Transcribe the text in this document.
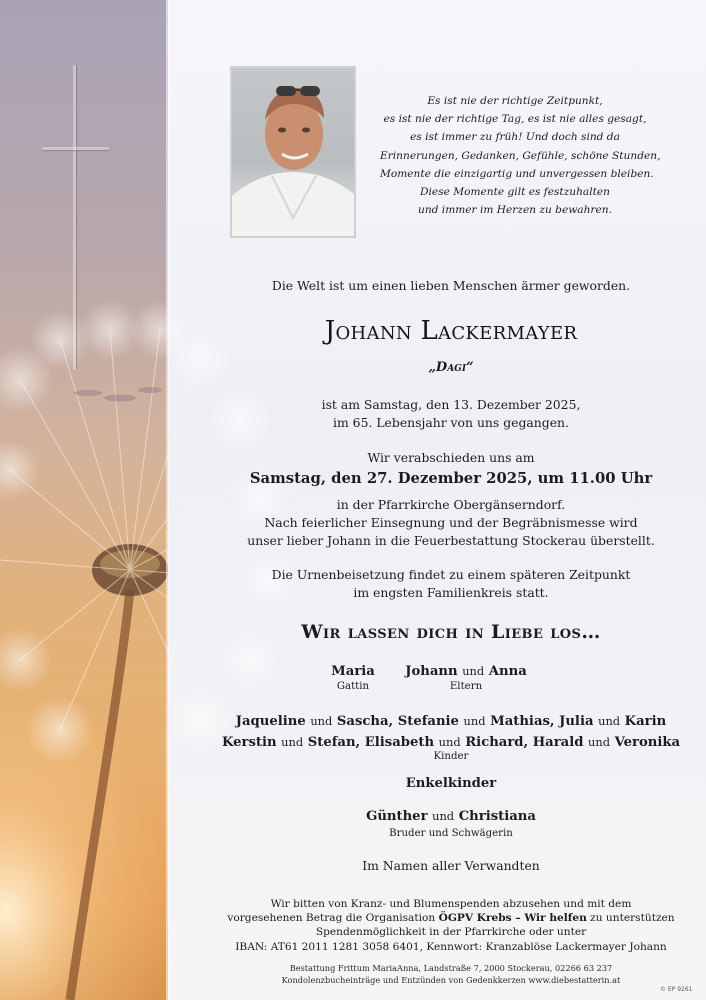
Es ist nie der richtige Zeitpunkt,
es ist nie der richtige Tag, es ist nie alles gesagt,
es ist immer zu früh! Und doch sind da
Erinnerungen, Gedanken, Gefühle, schöne Stunden,
Momente die einzigartig und unvergessen bleiben.
Diese Momente gilt es festzuhalten
und immer im Herzen zu bewahren.
Die Welt ist um einen lieben Menschen ärmer geworden.
Johann Lackermayer
„Dagi“
ist am Samstag, den 13. Dezember 2025,
im 65. Lebensjahr von uns gegangen.
Wir verabschieden uns am
Samstag, den 27. Dezember 2025, um 11.00 Uhr
in der Pfarrkirche Obergänserndorf.
Nach feierlicher Einsegnung und der Begräbnismesse wird
unser lieber Johann in die Feuerbestattung Stockerau überstellt.
Die Urnenbeisetzung findet zu einem späteren Zeitpunkt
im engsten Familienkreis statt.
Wir lassen dich in Liebe los…
Maria
Gattin
Johann und Anna
Eltern
Jaqueline und Sascha, Stefanie und Mathias, Julia und Karin
Kerstin und Stefan, Elisabeth und Richard, Harald und Veronika
Kinder
Enkelkinder
Günther und Christiana
Bruder und Schwägerin
Im Namen aller Verwandten
Wir bitten von Kranz- und Blumenspenden abzusehen und mit dem
vorgesehenen Betrag die Organisation ÖGPV Krebs – Wir helfen zu unterstützen
Spendenmöglichkeit in der Pfarrkirche oder unter
IBAN: AT61 2011 1281 3058 6401, Kennwort: Kranzablöse Lackermayer Johann
Bestattung Frittum MariaAnna, Landstraße 7, 2000 Stockerau, 02266 63 237
Kondolenzbucheinträge und Entzünden von Gedenkkerzen www.diebestatterin.at
© EP 9261
